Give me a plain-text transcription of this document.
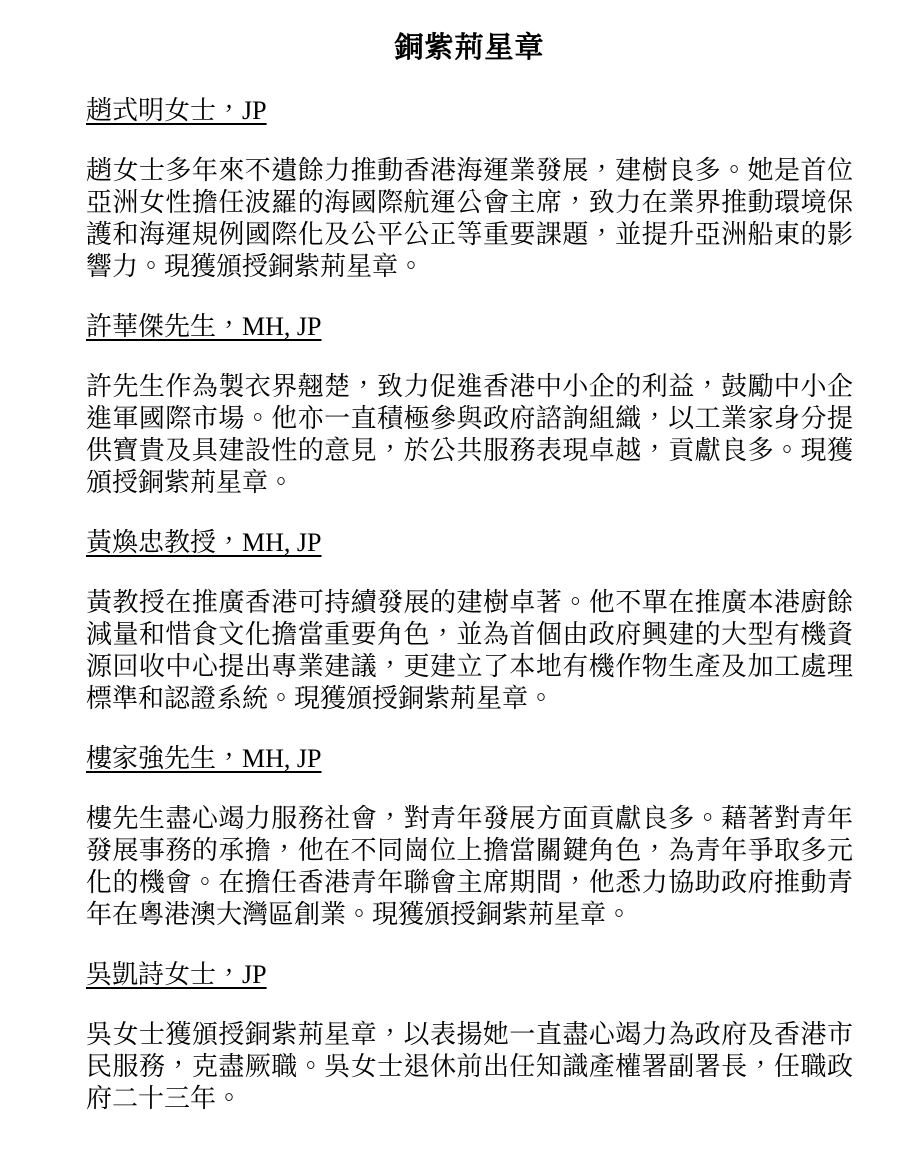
銅紫荊星章
趙式明女士，JP

趙女士多年來不遺餘力推動香港海運業發展，建樹良多。她是首位亞洲女性擔任波羅的海國際航運公會主席，致力在業界推動環境保護和海運規例國際化及公平公正等重要課題，並提升亞洲船東的影響力。現獲頒授銅紫荊星章。

許華傑先生，MH, JP

許先生作為製衣界翹楚，致力促進香港中小企的利益，鼓勵中小企進軍國際市場。他亦一直積極參與政府諮詢組織，以工業家身分提供寶貴及具建設性的意見，於公共服務表現卓越，貢獻良多。現獲頒授銅紫荊星章。

黃煥忠教授，MH, JP

黃教授在推廣香港可持續發展的建樹卓著。他不單在推廣本港廚餘減量和惜食文化擔當重要角色，並為首個由政府興建的大型有機資源回收中心提出專業建議，更建立了本地有機作物生產及加工處理標準和認證系統。現獲頒授銅紫荊星章。

樓家強先生，MH, JP

樓先生盡心竭力服務社會，對青年發展方面貢獻良多。藉著對青年發展事務的承擔，他在不同崗位上擔當關鍵角色，為青年爭取多元化的機會。在擔任香港青年聯會主席期間，他悉力協助政府推動青年在粵港澳大灣區創業。現獲頒授銅紫荊星章。

吳凱詩女士，JP

吳女士獲頒授銅紫荊星章，以表揚她一直盡心竭力為政府及香港市民服務，克盡厥職。吳女士退休前出任知識產權署副署長，任職政府二十三年。
